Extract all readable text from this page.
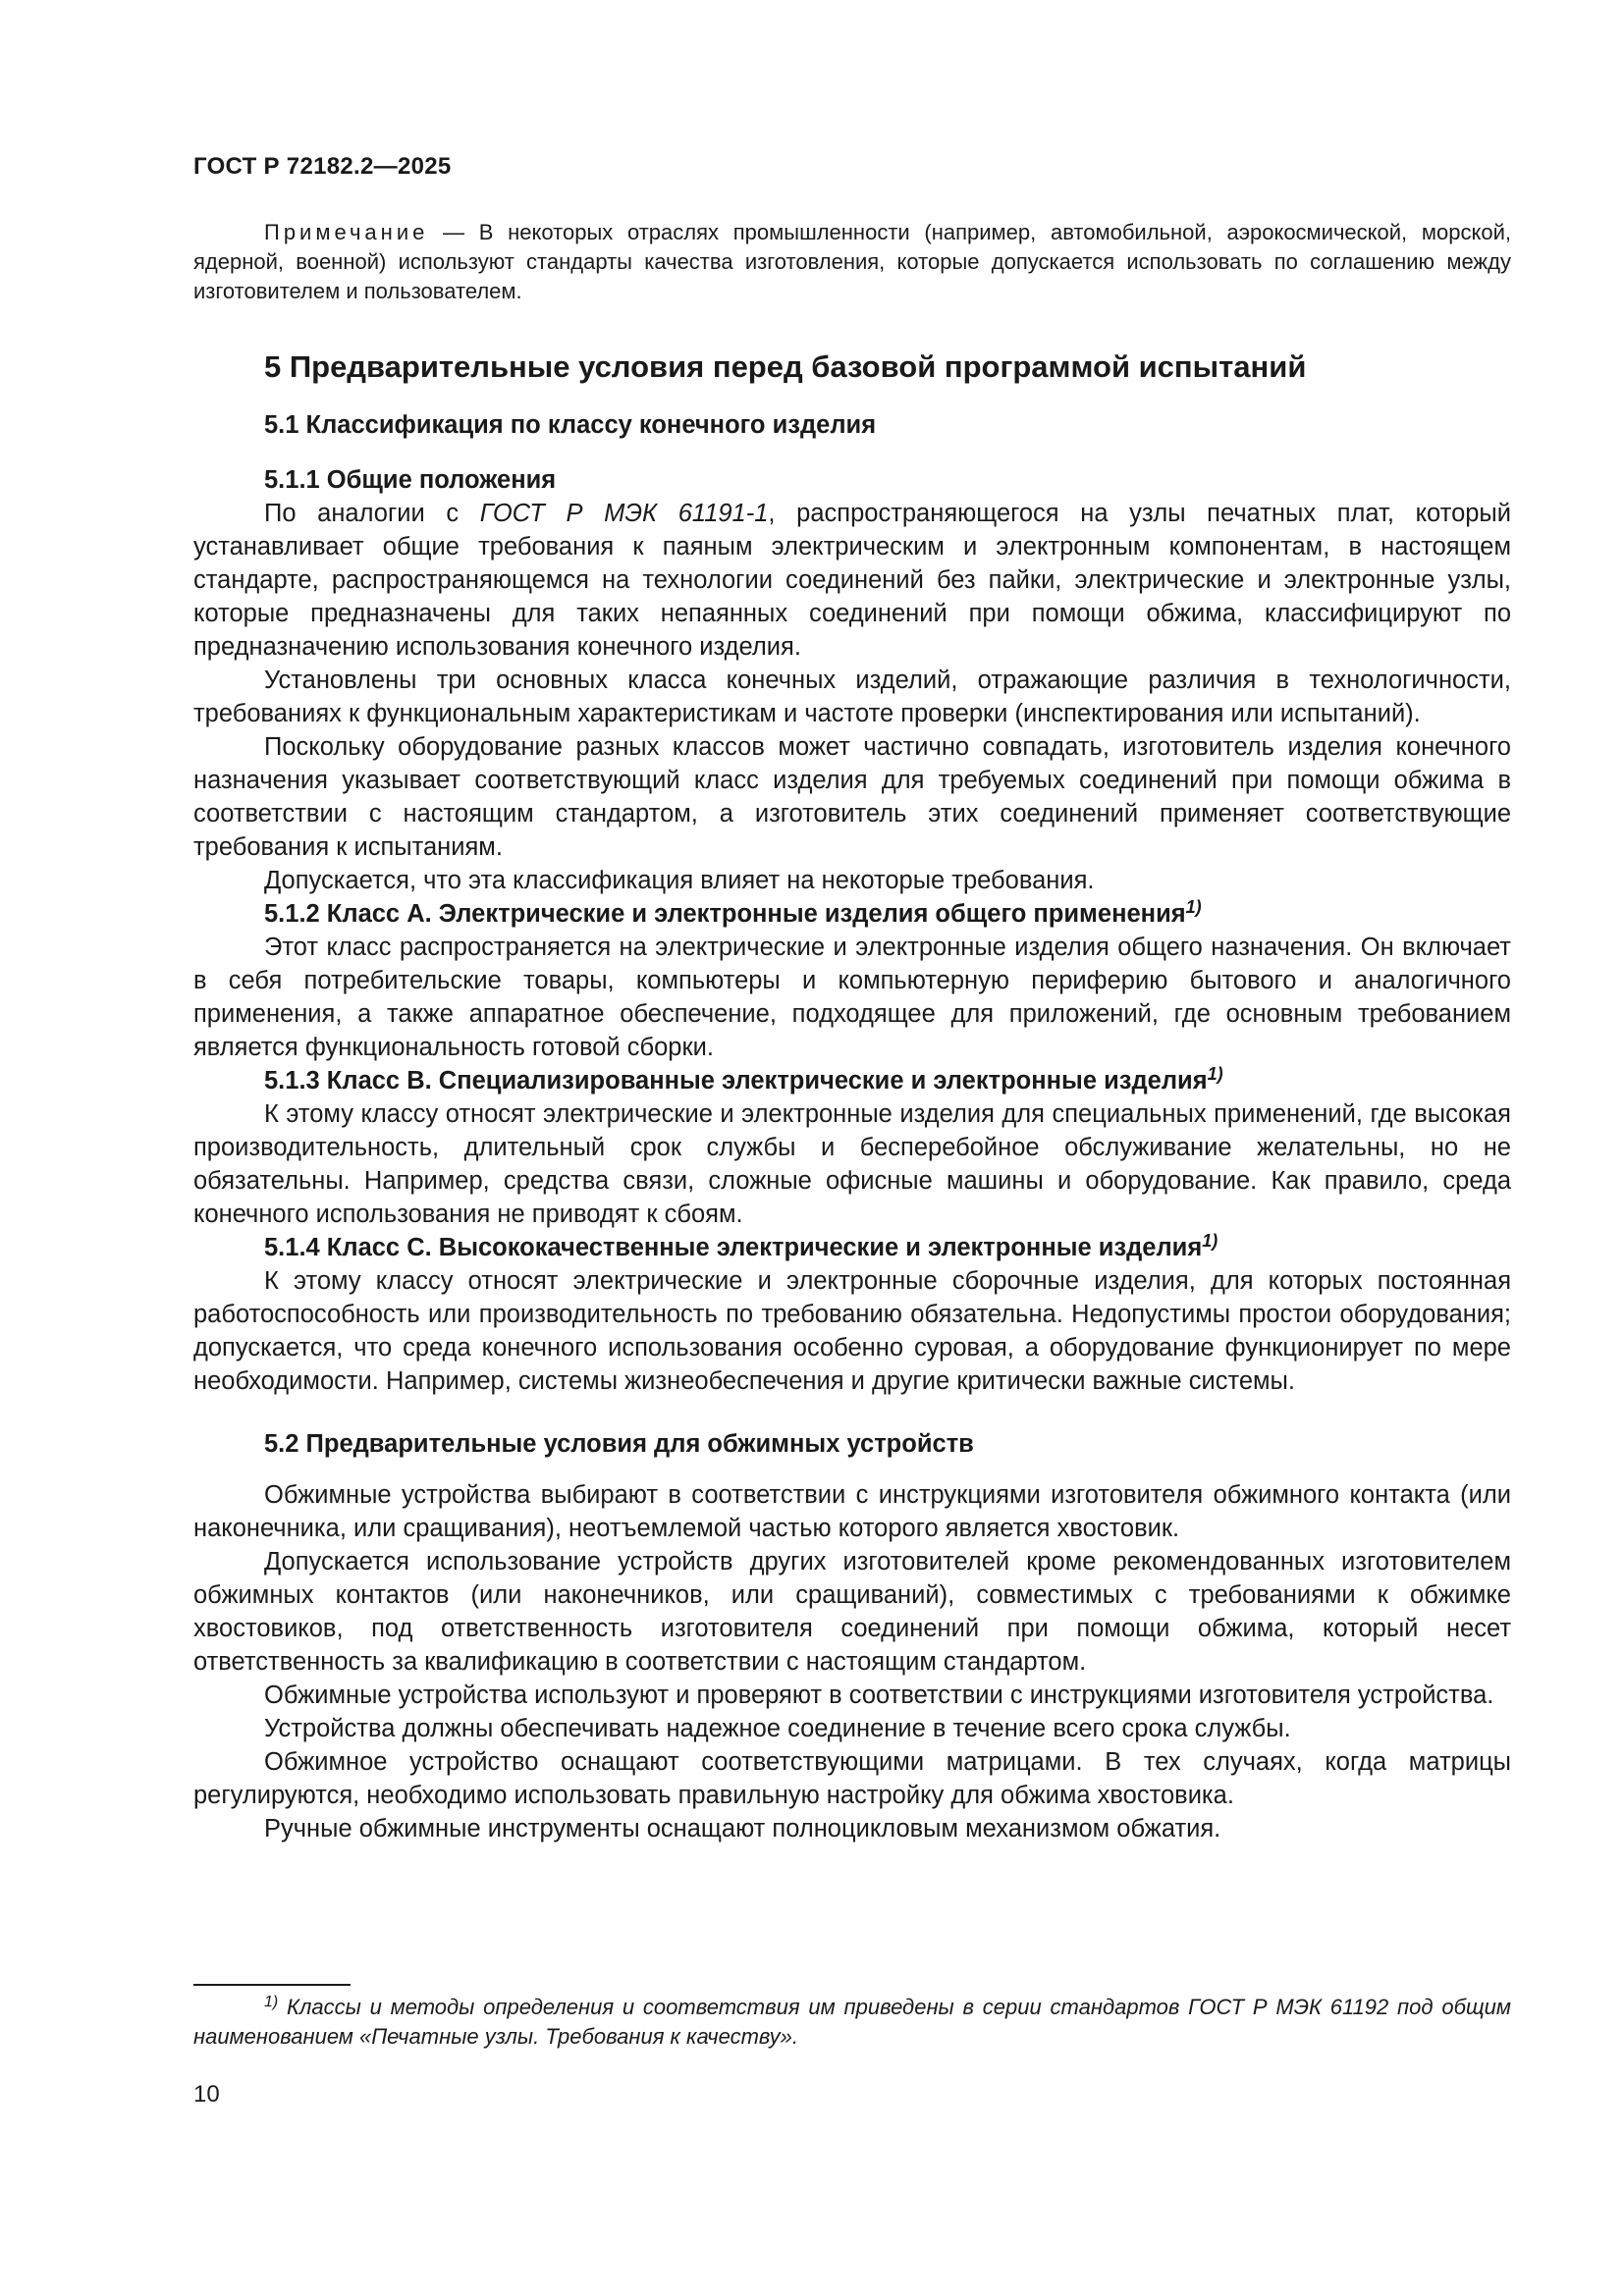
ГОСТ Р 72182.2—2025

Примечание — В некоторых отраслях промышленности (например, автомобильной, аэрокосмической, морской, ядерной, военной) используют стандарты качества изготовления, которые допускается использовать по соглашению между изготовителем и пользователем.

5 Предварительные условия перед базовой программой испытаний
5.1 Классификация по классу конечного изделия
5.1.1 Общие положения

По аналогии с ГОСТ Р МЭК 61191-1, распространяющегося на узлы печатных плат, который устанавливает общие требования к паяным электрическим и электронным компонентам, в настоящем стандарте, распространяющемся на технологии соединений без пайки, электрические и электронные узлы, которые предназначены для таких непаянных соединений при помощи обжима, классифицируют по предназначению использования конечного изделия.

Установлены три основных класса конечных изделий, отражающие различия в технологичности, требованиях к функциональным характеристикам и частоте проверки (инспектирования или испытаний).

Поскольку оборудование разных классов может частично совпадать, изготовитель изделия конечного назначения указывает соответствующий класс изделия для требуемых соединений при помощи обжима в соответствии с настоящим стандартом, а изготовитель этих соединений применяет соответствующие требования к испытаниям.

Допускается, что эта классификация влияет на некоторые требования.

5.1.2 Класс А. Электрические и электронные изделия общего применения$^{1)}$

Этот класс распространяется на электрические и электронные изделия общего назначения. Он включает в себя потребительские товары, компьютеры и компьютерную периферию бытового и аналогичного применения, а также аппаратное обеспечение, подходящее для приложений, где основным требованием является функциональность готовой сборки.

5.1.3 Класс В. Специализированные электрические и электронные изделия$^{1)}$

К этому классу относят электрические и электронные изделия для специальных применений, где высокая производительность, длительный срок службы и бесперебойное обслуживание желательны, но не обязательны. Например, средства связи, сложные офисные машины и оборудование. Как правило, среда конечного использования не приводят к сбоям.

5.1.4 Класс С. Высококачественные электрические и электронные изделия$^{1)}$

К этому классу относят электрические и электронные сборочные изделия, для которых постоянная работоспособность или производительность по требованию обязательна. Недопустимы простои оборудования; допускается, что среда конечного использования особенно суровая, а оборудование функционирует по мере необходимости. Например, системы жизнеобеспечения и другие критически важные системы.

5.2 Предварительные условия для обжимных устройств

Обжимные устройства выбирают в соответствии с инструкциями изготовителя обжимного контакта (или наконечника, или сращивания), неотъемлемой частью которого является хвостовик.

Допускается использование устройств других изготовителей кроме рекомендованных изготовителем обжимных контактов (или наконечников, или сращиваний), совместимых с требованиями к обжимке хвостовиков, под ответственность изготовителя соединений при помощи обжима, который несет ответственность за квалификацию в соответствии с настоящим стандартом.

Обжимные устройства используют и проверяют в соответствии с инструкциями изготовителя устройства.

Устройства должны обеспечивать надежное соединение в течение всего срока службы.

Обжимное устройство оснащают соответствующими матрицами. В тех случаях, когда матрицы регулируются, необходимо использовать правильную настройку для обжима хвостовика.

Ручные обжимные инструменты оснащают полноцикловым механизмом обжатия.

$^{1)}$ Классы и методы определения и соответствия им приведены в серии стандартов ГОСТ Р МЭК 61192 под общим наименованием «Печатные узлы. Требования к качеству».

10
